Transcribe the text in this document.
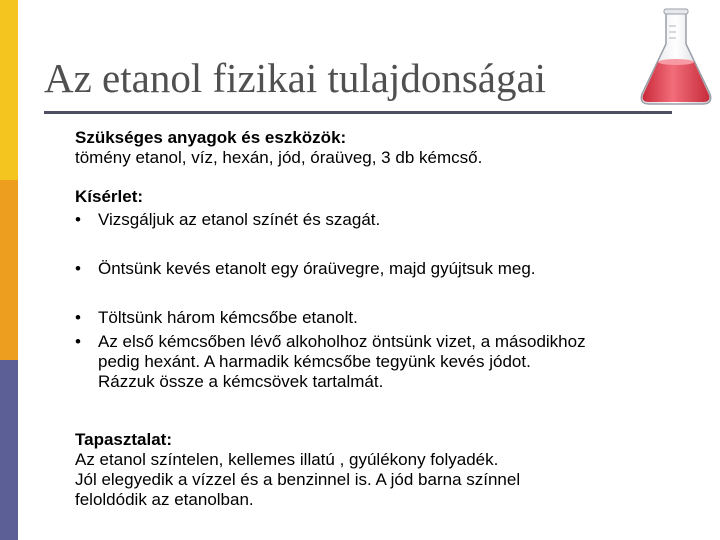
Az etanol fizikai tulajdonságai
Szükséges anyagok és eszközök:
tömény etanol, víz, hexán, jód, óraüveg, 3 db kémcső.
Kísérlet:
• Vizsgáljuk az etanol színét és szagát.
• Öntsünk kevés etanolt egy óraüvegre, majd gyújtsuk meg.
• Töltsünk három kémcsőbe etanolt.
• Az első kémcsőben lévő alkoholhoz öntsünk vizet, a másodikhoz
pedig hexánt. A harmadik kémcsőbe tegyünk kevés jódot.
Rázzuk össze a kémcsövek tartalmát.
Tapasztalat:
Az etanol színtelen, kellemes illatú , gyúlékony folyadék.
Jól elegyedik a vízzel és a benzinnel is. A jód barna színnel
feloldódik az etanolban.
